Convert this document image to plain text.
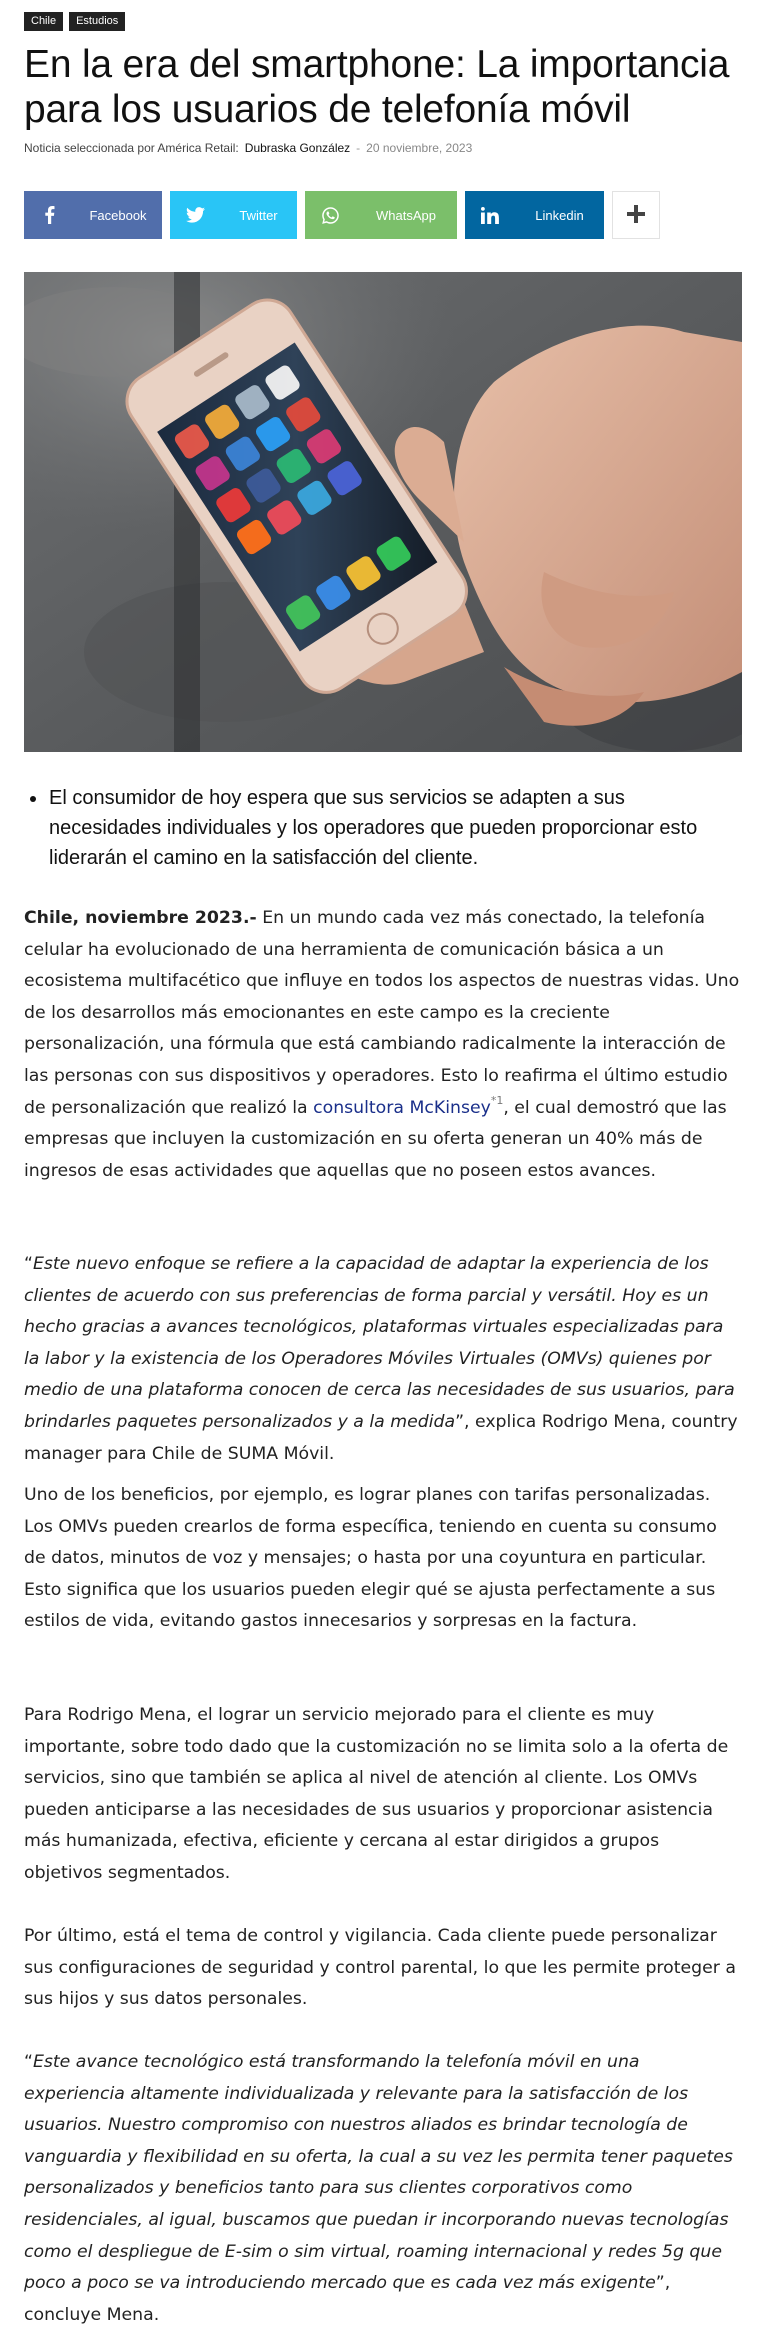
Chile	Estudios
En la era del smartphone: La importancia para los usuarios de telefonía móvil
Noticia seleccionada por América Retail: Dubraska González - 20 noviembre, 2023
Facebook	Twitter	WhatsApp	Linkedin
El consumidor de hoy espera que sus servicios se adapten a sus necesidades individuales y los operadores que pueden proporcionar esto liderarán el camino en la satisfacción del cliente.

Chile, noviembre 2023.- En un mundo cada vez más conectado, la telefonía celular ha evolucionado de una herramienta de comunicación básica a un ecosistema multifacético que influye en todos los aspectos de nuestras vidas. Uno de los desarrollos más emocionantes en este campo es la creciente personalización, una fórmula que está cambiando radicalmente la interacción de las personas con sus dispositivos y operadores. Esto lo reafirma el último estudio de personalización que realizó la consultora McKinsey$^{*1}$, el cual demostró que las empresas que incluyen la customización en su oferta generan un 40% más de ingresos de esas actividades que aquellas que no poseen estos avances.

“Este nuevo enfoque se refiere a la capacidad de adaptar la experiencia de los clientes de acuerdo con sus preferencias de forma parcial y versátil. Hoy es un hecho gracias a avances tecnológicos, plataformas virtuales especializadas para la labor y la existencia de los Operadores Móviles Virtuales (OMVs) quienes por medio de una plataforma conocen de cerca las necesidades de sus usuarios, para brindarles paquetes personalizados y a la medida”, explica Rodrigo Mena, country manager para Chile de SUMA Móvil.

Uno de los beneficios, por ejemplo, es lograr planes con tarifas personalizadas. Los OMVs pueden crearlos de forma específica, teniendo en cuenta su consumo de datos, minutos de voz y mensajes; o hasta por una coyuntura en particular. Esto significa que los usuarios pueden elegir qué se ajusta perfectamente a sus estilos de vida, evitando gastos innecesarios y sorpresas en la factura.

Para Rodrigo Mena, el lograr un servicio mejorado para el cliente es muy importante, sobre todo dado que la customización no se limita solo a la oferta de servicios, sino que también se aplica al nivel de atención al cliente. Los OMVs pueden anticiparse a las necesidades de sus usuarios y proporcionar asistencia más humanizada, efectiva, eficiente y cercana al estar dirigidos a grupos objetivos segmentados.

Por último, está el tema de control y vigilancia. Cada cliente puede personalizar sus configuraciones de seguridad y control parental, lo que les permite proteger a sus hijos y sus datos personales.

“Este avance tecnológico está transformando la telefonía móvil en una experiencia altamente individualizada y relevante para la satisfacción de los usuarios. Nuestro compromiso con nuestros aliados es brindar tecnología de vanguardia y flexibilidad en su oferta, la cual a su vez les permita tener paquetes personalizados y beneficios tanto para sus clientes corporativos como residenciales, al igual, buscamos que puedan ir incorporando nuevas tecnologías como el despliegue de E-sim o sim virtual, roaming internacional y redes 5g que poco a poco se va introduciendo mercado que es cada vez más exigente”, concluye Mena.
